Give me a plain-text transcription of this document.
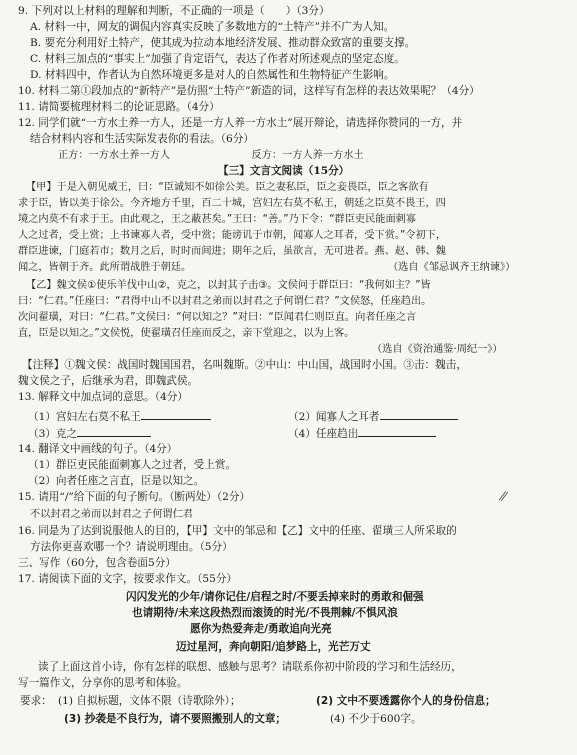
9. 下列对以上材料的理解和判断，不正确的一项是（　　）（3分）
A. 材料一中，网友的调侃内容真实反映了多数地方的“土特产”并不广为人知。
B. 要充分利用好土特产，使其成为拉动本地经济发展、推动群众致富的重要支撑。
C. 材料三加点的“事实上”加强了肯定语气，表达了作者对所述观点的坚定态度。
D. 材料四中，作者认为自然环境更多是对人的自然属性和生物特征产生影响。
10. 材料二第①段加点的“新特产”是仿照“土特产”新造的词，这样写有怎样的表达效果呢？（4分）
11. 请简要梳理材料二的论证思路。（4分）
12. 同学们就“一方水土养一方人，还是一方人养一方水土”展开辩论，请选择你赞同的一方，并
结合材料内容和生活实际发表你的看法。（6分）
正方：一方水土养一方人　　　　　　　　反方：一方人养一方水土
【三】文言文阅读（15分）
【甲】于是入朝见威王，曰：“臣诚知不如徐公美。臣之妻私臣，臣之妾畏臣，臣之客欲有
求于臣，皆以美于徐公。今齐地方千里，百二十城，宫妇左右莫不私王，朝廷之臣莫不畏王，四
境之内莫不有求于王。由此观之，王之蔽甚矣。”王曰：“善。”乃下令：“群臣吏民能面刺寡
人之过者，受上赏；上书谏寡人者，受中赏；能谤讥于市朝，闻寡人之耳者，受下赏。”令初下，
群臣进谏，门庭若市；数月之后，时时而间进；期年之后，虽欲言，无可进者。燕、赵、韩、魏
闻之，皆朝于齐。此所谓战胜于朝廷。	（选自《邹忌讽齐王纳谏》）
【乙】魏文侯①使乐羊伐中山②，克之，以封其子击③。文侯问于群臣曰：“我何如主？”皆
曰：“仁君。”任座曰：“君得中山不以封君之弟而以封君之子何谓仁君？”文侯怒，任座趋出。
次问翟璜，对曰：“仁君。”文侯曰：“何以知之？”对曰：“臣闻君仁则臣直。向者任座之言
直，臣是以知之。”文侯悦，使翟璜召任座而反之，亲下堂迎之，以为上客。
（选自《资治通鉴·周纪一》）
【注释】①魏文侯：战国时魏国国君，名叫魏斯。②中山：中山国，战国时小国。③击：魏击，
魏文侯之子，后继承为君，即魏武侯。
13. 解释文中加点词的意思。（4分）
（1）宫妇左右莫不私王	（2）闻寡人之耳者
（3）克之	（4）任座趋出
14. 翻译文中画线的句子。（4分）
（1）群臣吏民能面刺寡人之过者，受上赏。
（2）向者任座之言直，臣是以知之。
15. 请用“/”给下面的句子断句。（断两处）（2分）
不以封君之弟而以封君之子何谓仁君
⫽
16. 同是为了达到说服他人的目的，【甲】文中的邹忌和【乙】文中的任座、翟璜三人所采取的
方法你更喜欢哪一个？请说明理由。（5分）
三、写作（60分，包含卷面5分）
17. 请阅读下面的文字，按要求作文。（55分）
闪闪发光的少年/请你记住/启程之时/不要丢掉来时的勇敢和倔强
也请期待/未来这段热烈而滚烫的时光/不畏荆棘/不惧风浪
愿你为热爱奔走/勇敢追向光亮
迈过星河，奔向朝阳/追梦路上，光芒万丈
读了上面这首小诗，你有怎样的联想、感触与思考？请联系你初中阶段的学习和生活经历，
写一篇作文，分享你的思考和体验。
要求： (1) 自拟标题，文体不限（诗歌除外）；	(2) 文中不要透露你个人的身份信息；
(3) 抄袭是不良行为，请不要照搬别人的文章；	(4) 不少于600字。
